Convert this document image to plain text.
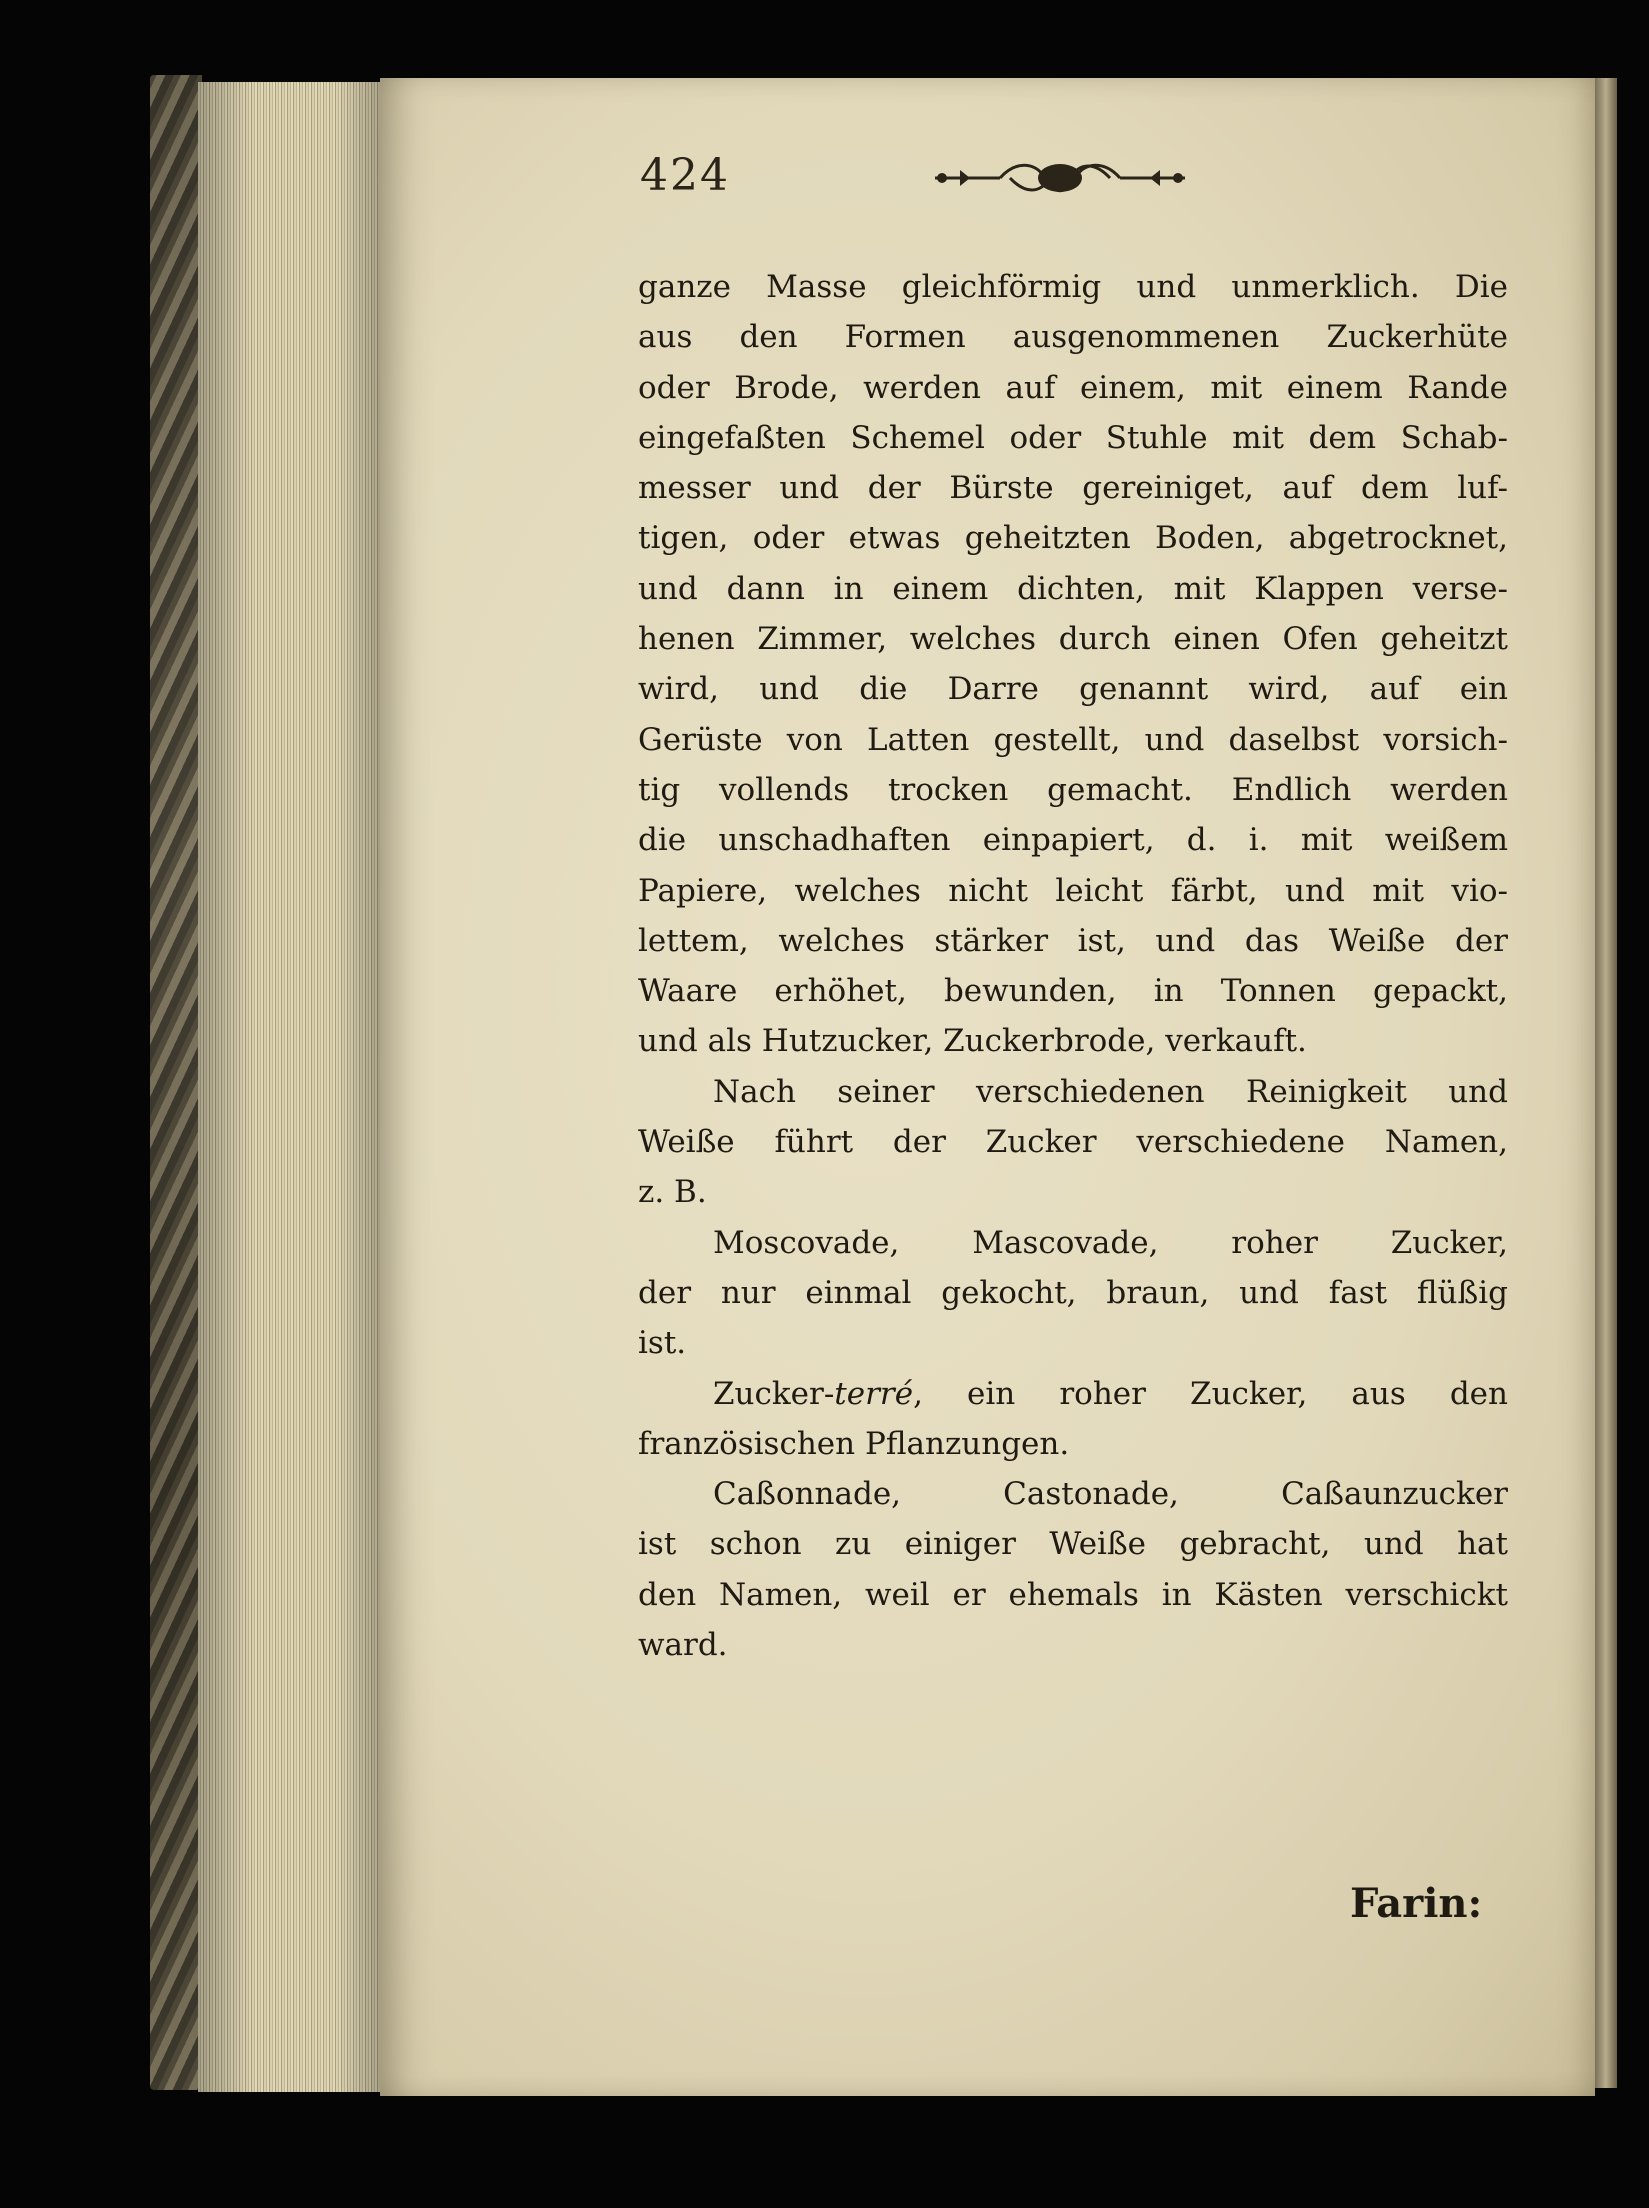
424

ganze Masse gleichförmig und unmerklich. Die
aus den Formen ausgenommenen Zuckerhüte
oder Brode, werden auf einem, mit einem Rande
eingefaßten Schemel oder Stuhle mit dem Schab-
messer und der Bürste gereiniget, auf dem luf-
tigen, oder etwas geheitzten Boden, abgetrocknet,
und dann in einem dichten, mit Klappen verse-
henen Zimmer, welches durch einen Ofen geheitzt
wird, und die Darre genannt wird, auf ein
Gerüste von Latten gestellt, und daselbst vorsich-
tig vollends trocken gemacht. Endlich werden
die unschadhaften einpapiert, d. i. mit weißem
Papiere, welches nicht leicht färbt, und mit vio-
lettem, welches stärker ist, und das Weiße der
Waare erhöhet, bewunden, in Tonnen gepackt,
und als Hutzucker, Zuckerbrode, verkauft.

Nach seiner verschiedenen Reinigkeit und
Weiße führt der Zucker verschiedene Namen,
z. B.

Moscovade, Mascovade, roher Zucker,
der nur einmal gekocht, braun, und fast flüßig
ist.

Zucker-terré, ein roher Zucker, aus den
französischen Pflanzungen.

Caßonnade, Castonade, Caßaunzucker
ist schon zu einiger Weiße gebracht, und hat
den Namen, weil er ehemals in Kästen verschickt
ward.

Farin:
